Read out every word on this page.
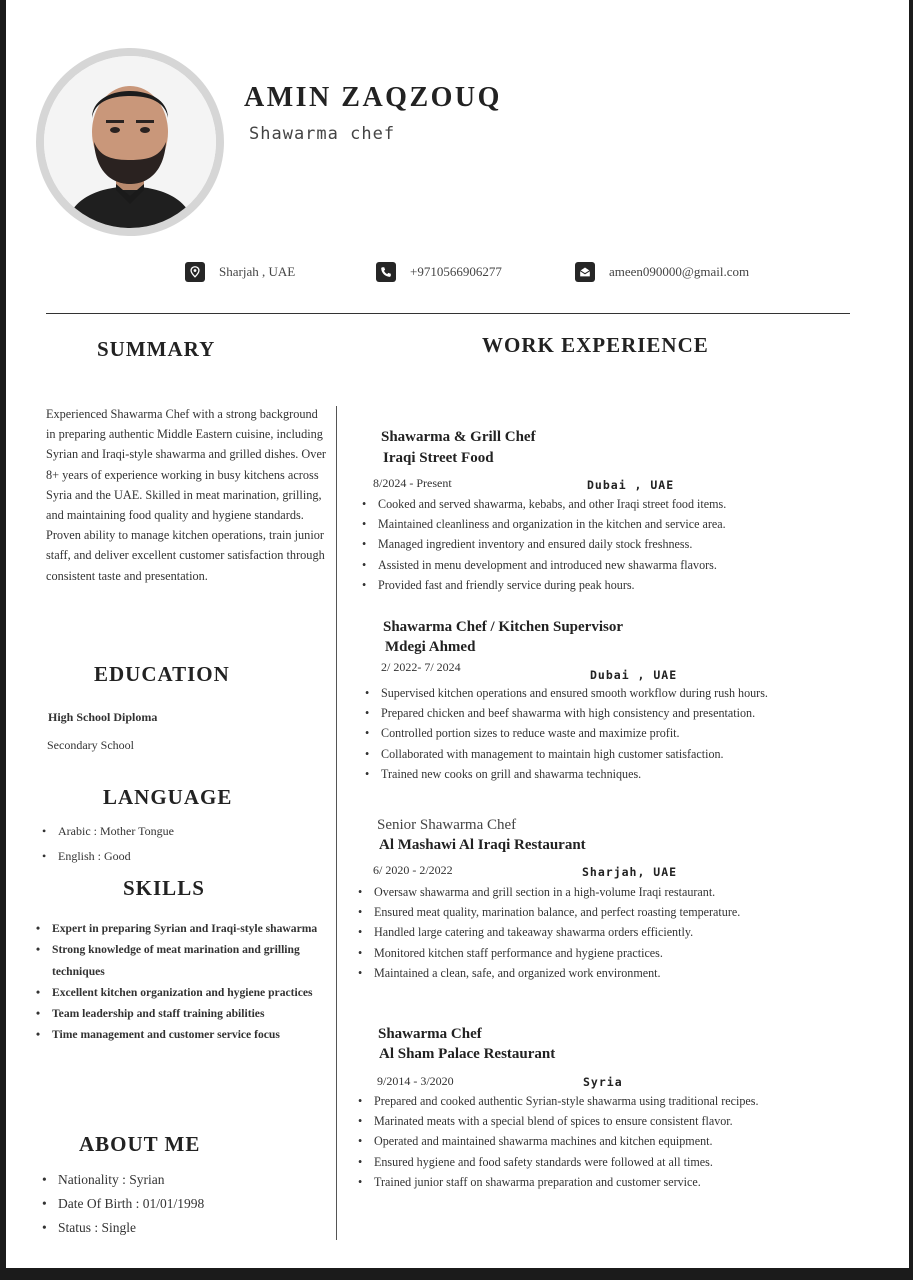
AMIN ZAQZOUQ
Shawarma chef
Sharjah , UAE	+9710566906277	ameen090000@gmail.com
SUMMARY
Experienced Shawarma Chef with a strong background in preparing authentic Middle Eastern cuisine, including Syrian and Iraqi-style shawarma and grilled dishes. Over 8+ years of experience working in busy kitchens across Syria and the UAE. Skilled in meat marination, grilling, and maintaining food quality and hygiene standards. Proven ability to manage kitchen operations, train junior staff, and deliver excellent customer satisfaction through consistent taste and presentation.
EDUCATION
High School Diploma
Secondary School
LANGUAGE
• Arabic : Mother Tongue
• English : Good
SKILLS
• Expert in preparing Syrian and Iraqi-style shawarma
• Strong knowledge of meat marination and grilling techniques
• Excellent kitchen organization and hygiene practices
• Team leadership and staff training abilities
• Time management and customer service focus
ABOUT ME
• Nationality : Syrian
• Date Of Birth : 01/01/1998
• Status : Single
WORK EXPERIENCE
Shawarma & Grill Chef
Iraqi Street Food
8/2024 - Present	Dubai , UAE
• Cooked and served shawarma, kebabs, and other Iraqi street food items.
• Maintained cleanliness and organization in the kitchen and service area.
• Managed ingredient inventory and ensured daily stock freshness.
• Assisted in menu development and introduced new shawarma flavors.
• Provided fast and friendly service during peak hours.
Shawarma Chef / Kitchen Supervisor
Mdegi Ahmed
2/ 2022- 7/ 2024
Dubai , UAE
• Supervised kitchen operations and ensured smooth workflow during rush hours.
• Prepared chicken and beef shawarma with high consistency and presentation.
• Controlled portion sizes to reduce waste and maximize profit.
• Collaborated with management to maintain high customer satisfaction.
• Trained new cooks on grill and shawarma techniques.
Senior Shawarma Chef
Al Mashawi Al Iraqi Restaurant
6/ 2020 - 2/2022	Sharjah, UAE
• Oversaw shawarma and grill section in a high-volume Iraqi restaurant.
• Ensured meat quality, marination balance, and perfect roasting temperature.
• Handled large catering and takeaway shawarma orders efficiently.
• Monitored kitchen staff performance and hygiene practices.
• Maintained a clean, safe, and organized work environment.
Shawarma Chef
Al Sham Palace Restaurant
9/2014 - 3/2020	Syria
• Prepared and cooked authentic Syrian-style shawarma using traditional recipes.
• Marinated meats with a special blend of spices to ensure consistent flavor.
• Operated and maintained shawarma machines and kitchen equipment.
• Ensured hygiene and food safety standards were followed at all times.
• Trained junior staff on shawarma preparation and customer service.
